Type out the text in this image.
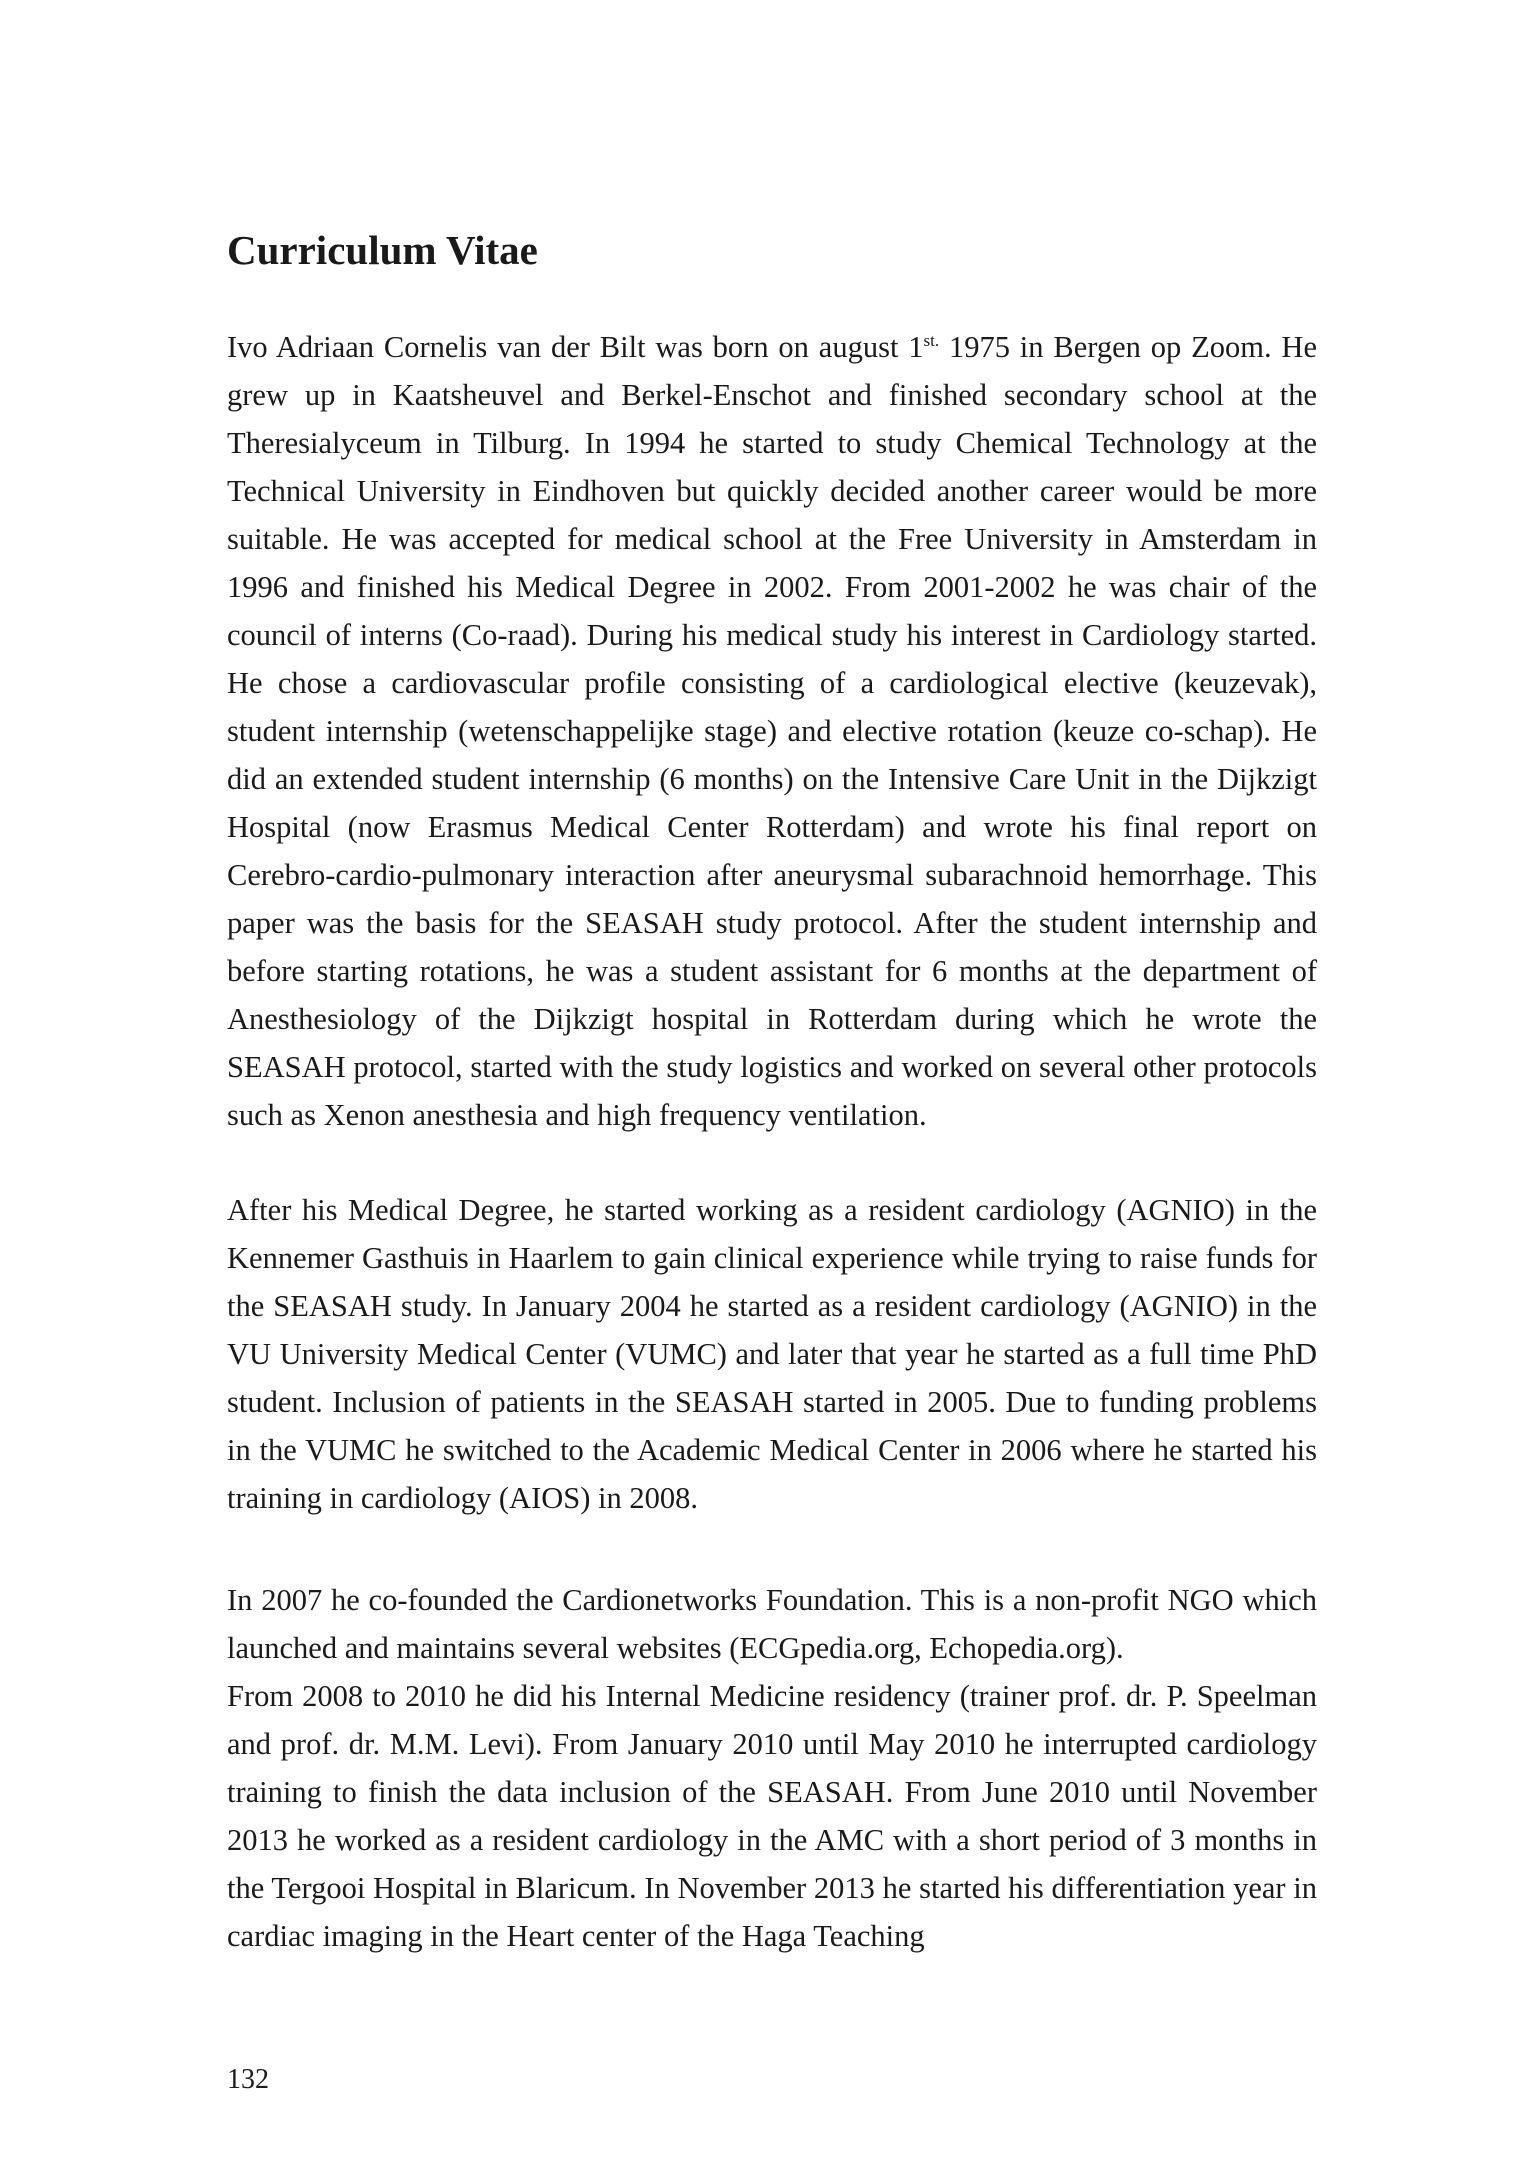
Curriculum Vitae

Ivo Adriaan Cornelis van der Bilt was born on august $1^{st.}$ 1975 in Bergen op Zoom. He grew up in Kaatsheuvel and Berkel-Enschot and finished secondary school at the Theresialyceum in Tilburg. In 1994 he started to study Chemical Technology at the Technical University in Eindhoven but quickly decided another career would be more suitable. He was accepted for medical school at the Free University in Amsterdam in 1996 and finished his Medical Degree in 2002. From 2001-2002 he was chair of the council of interns (Co-raad). During his medical study his interest in Cardiology started. He chose a cardiovascular profile consisting of a cardiological elective (keuzevak), student internship (wetenschappelijke stage) and elective rotation (keuze co-schap). He did an extended student internship (6 months) on the Intensive Care Unit in the Dijkzigt Hospital (now Erasmus Medical Center Rotterdam) and wrote his final report on Cerebro-cardio-pulmonary interaction after aneurysmal subarachnoid hemorrhage. This paper was the basis for the SEASAH study protocol. After the student internship and before starting rotations, he was a student assistant for 6 months at the department of Anesthesiology of the Dijkzigt hospital in Rotterdam during which he wrote the SEASAH protocol, started with the study logistics and worked on several other protocols such as Xenon anesthesia and high frequency ventilation.

After his Medical Degree, he started working as a resident cardiology (AGNIO) in the Kennemer Gasthuis in Haarlem to gain clinical experience while trying to raise funds for the SEASAH study. In January 2004 he started as a resident cardiology (AGNIO) in the VU University Medical Center (VUMC) and later that year he started as a full time PhD student. Inclusion of patients in the SEASAH started in 2005. Due to funding problems in the VUMC he switched to the Academic Medical Center in 2006 where he started his training in cardiology (AIOS) in 2008.

In 2007 he co-founded the Cardionetworks Foundation. This is a non-profit NGO which launched and maintains several websites (ECGpedia.org, Echopedia.org).

From 2008 to 2010 he did his Internal Medicine residency (trainer prof. dr. P. Speelman and prof. dr. M.M. Levi). From January 2010 until May 2010 he interrupted cardiology training to finish the data inclusion of the SEASAH. From June 2010 until November 2013 he worked as a resident cardiology in the AMC with a short period of 3 months in the Tergooi Hospital in Blaricum. In November 2013 he started his differentiation year in cardiac imaging in the Heart center of the Haga Teaching

132
